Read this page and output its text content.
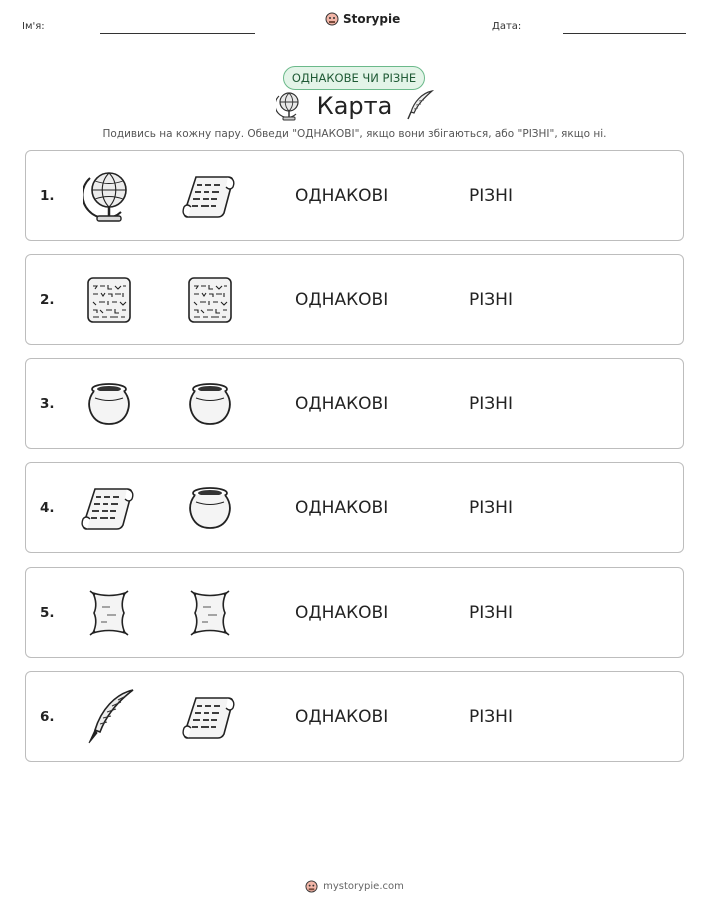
Ім'я:
Storypie
Дата:
ОДНАКОВЕ ЧИ РІЗНЕ
Карта
Подивись на кожну пару. Обведи "ОДНАКОВІ", якщо вони збігаються, або "РІЗНІ", якщо ні.
1.	ОДНАКОВІ	РІЗНІ
2.	ОДНАКОВІ	РІЗНІ
3.	ОДНАКОВІ	РІЗНІ
4.	ОДНАКОВІ	РІЗНІ
5.	ОДНАКОВІ	РІЗНІ
6.	ОДНАКОВІ	РІЗНІ
mystorypie.com
